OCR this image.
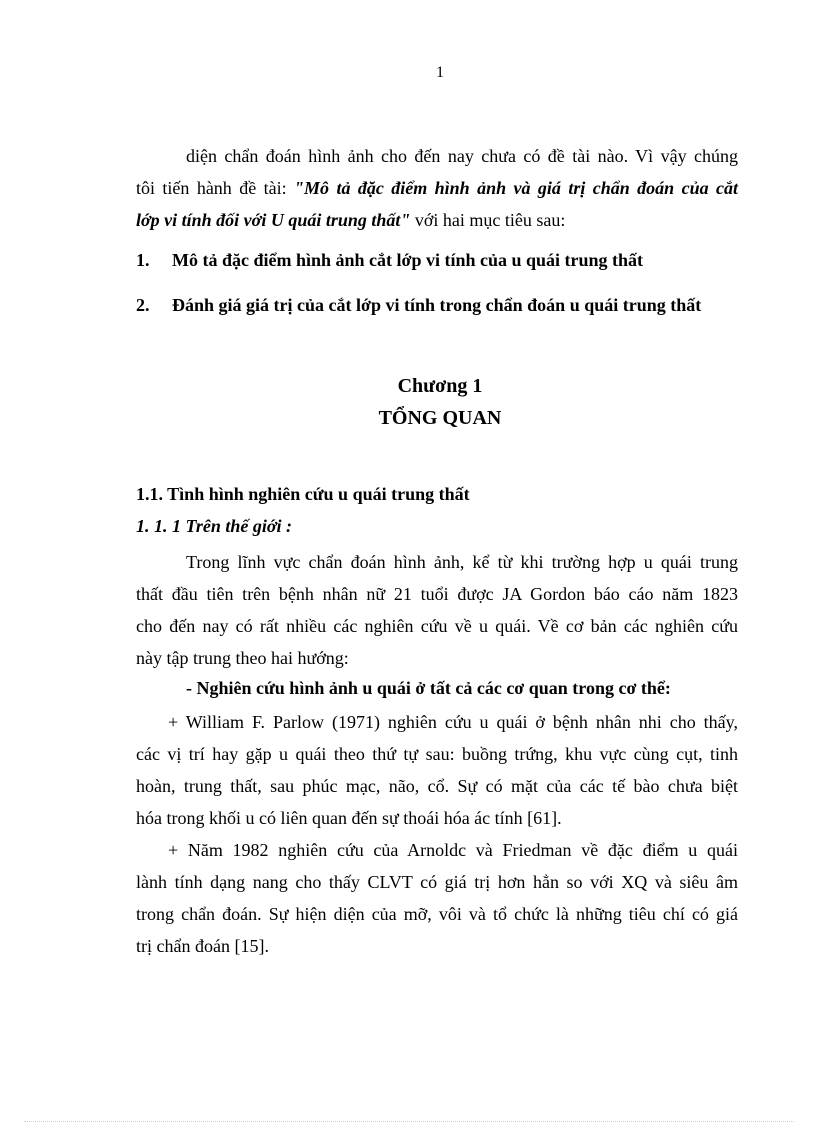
1
diện chẩn đoán hình ảnh cho đến nay chưa có đề tài nào. Vì vậy chúng
tôi tiến hành đề tài: "Mô tả đặc điểm hình ảnh và giá trị chẩn đoán của cắt
lớp vi tính đối với U quái trung thất" với hai mục tiêu sau:
1. Mô tả đặc điểm hình ảnh cắt lớp vi tính của u quái trung thất
2. Đánh giá giá trị của cắt lớp vi tính trong chẩn đoán u quái trung thất
Chương 1
TỔNG QUAN
1.1. Tình hình nghiên cứu u quái trung thất
1. 1. 1 Trên thế giới :
Trong lĩnh vực chẩn đoán hình ảnh, kể từ khi trường hợp u quái trung
thất đầu tiên trên bệnh nhân nữ 21 tuổi được JA Gordon báo cáo năm 1823
cho đến nay có rất nhiều các nghiên cứu về u quái. Về cơ bản các nghiên cứu
này tập trung theo hai hướng:
- Nghiên cứu hình ảnh u quái ở tất cả các cơ quan trong cơ thể:
+ William F. Parlow (1971) nghiên cứu u quái ở bệnh nhân nhi cho thấy,
các vị trí hay gặp u quái theo thứ tự sau: buồng trứng, khu vực cùng cụt, tinh
hoàn, trung thất, sau phúc mạc, não, cổ. Sự có mặt của các tế bào chưa biệt
hóa trong khối u có liên quan đến sự thoái hóa ác tính [61].
+ Năm 1982 nghiên cứu của Arnoldc và Friedman về đặc điểm u quái
lành tính dạng nang cho thấy CLVT có giá trị hơn hẳn so với XQ và siêu âm
trong chẩn đoán. Sự hiện diện của mỡ, vôi và tổ chức là những tiêu chí có giá
trị chẩn đoán [15].
